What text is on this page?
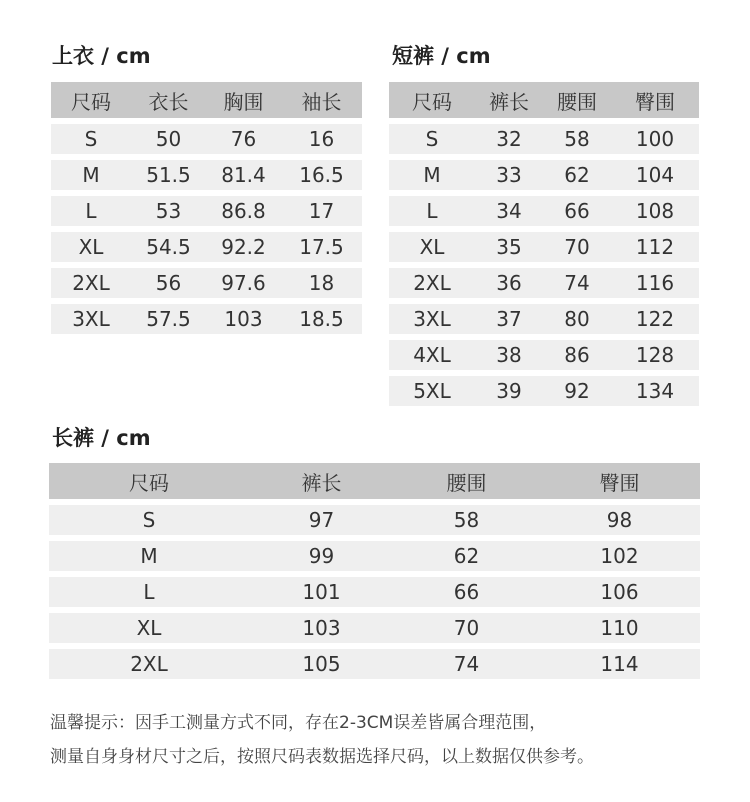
上衣 / cm
尺码	衣长	胸围	袖长
S	50	76	16
M	51.5	81.4	16.5
L	53	86.8	17
XL	54.5	92.2	17.5
2XL	56	97.6	18
3XL	57.5	103	18.5
短裤 / cm
尺码	裤长	腰围	臀围
S	32	58	100
M	33	62	104
L	34	66	108
XL	35	70	112
2XL	36	74	116
3XL	37	80	122
4XL	38	86	128
5XL	39	92	134
长裤 / cm
尺码	裤长	腰围	臀围
S	97	58	98
M	99	62	102
L	101	66	106
XL	103	70	110
2XL	105	74	114
温馨提示：因手工测量方式不同，存在2-3CM误差皆属合理范围，
测量自身身材尺寸之后，按照尺码表数据选择尺码，以上数据仅供参考。
